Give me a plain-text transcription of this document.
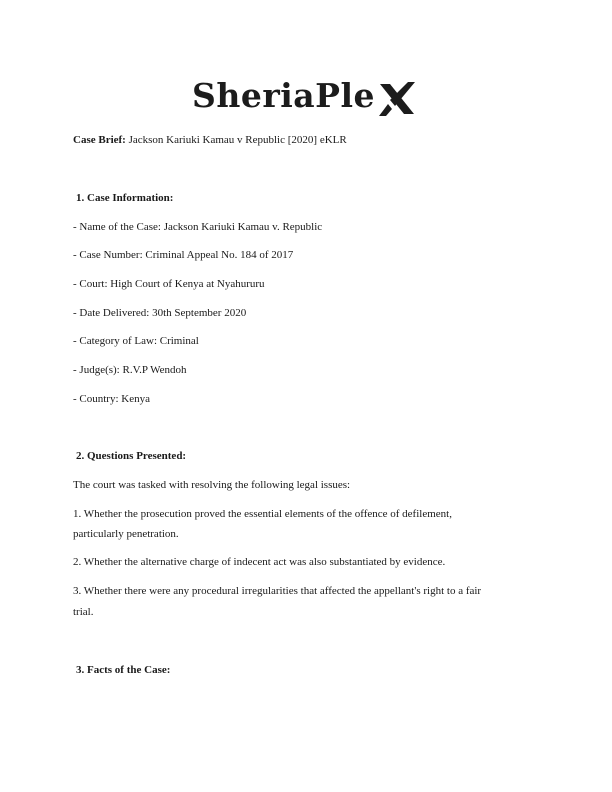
SheriaPle
Case Brief: Jackson Kariuki Kamau v Republic [2020] eKLR
1. Case Information:
- Name of the Case: Jackson Kariuki Kamau v. Republic
- Case Number: Criminal Appeal No. 184 of 2017
- Court: High Court of Kenya at Nyahururu
- Date Delivered: 30th September 2020
- Category of Law: Criminal
- Judge(s): R.V.P Wendoh
- Country: Kenya
2. Questions Presented:
The court was tasked with resolving the following legal issues:
1. Whether the prosecution proved the essential elements of the offence of defilement,
particularly penetration.
2. Whether the alternative charge of indecent act was also substantiated by evidence.
3. Whether there were any procedural irregularities that affected the appellant's right to a fair
trial.
3. Facts of the Case:
